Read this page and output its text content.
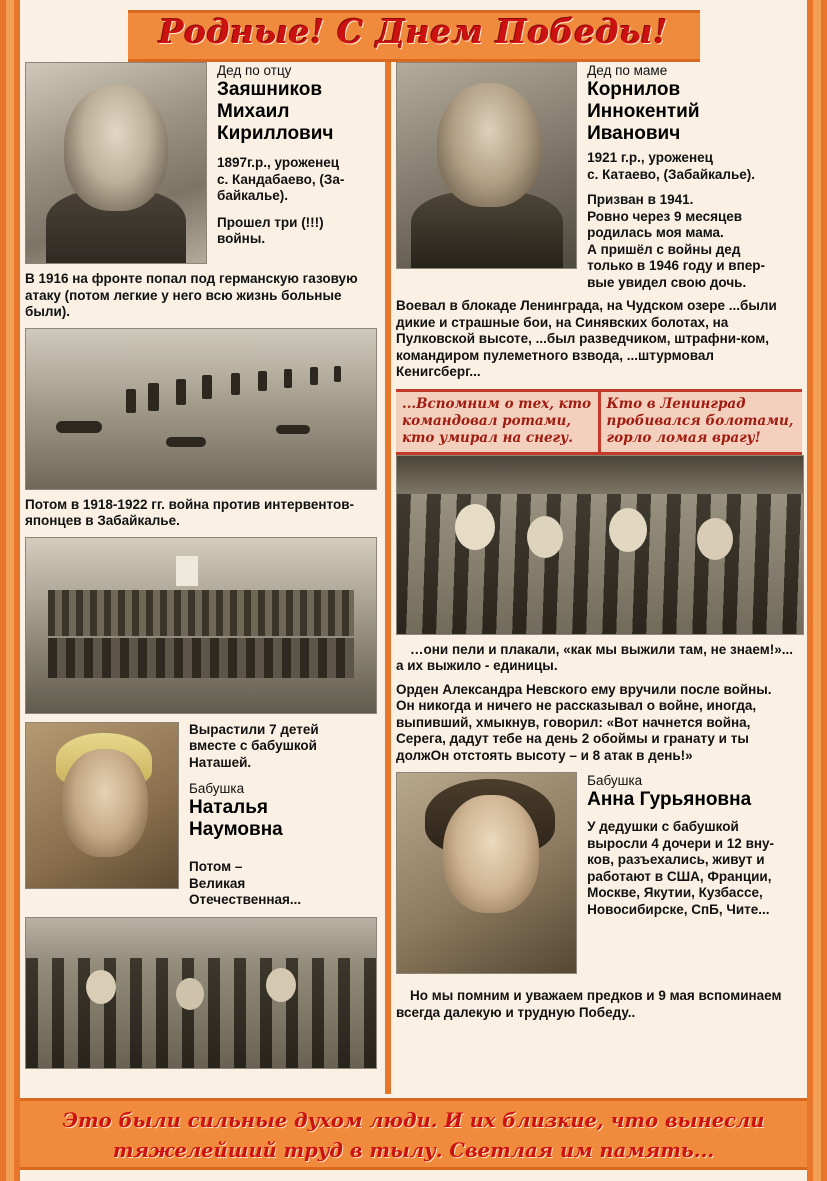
Родные! С Днем Победы!
Дед по отцу
Заяшников
Михаил
Кириллович
1897г.р., уроженец
с. Кандабаево, (За-
байкалье).
Прошел три (!!!)
войны.
В 1916 на фронте попал под германскую газовую атаку (потом легкие у него всю жизнь больные были).
Потом в 1918-1922 гг. война против интервентов-японцев в Забайкалье.
Вырастили 7 детей
вместе с бабушкой
Наташей.
Бабушка
Наталья
Наумовна
Потом –
Великая
Отечественная...
Дед по маме
Корнилов
Иннокентий
Иванович
1921 г.р., уроженец
с. Катаево, (Забайкалье).
Призван в 1941.
Ровно через 9 месяцев
родилась моя мама.
А пришёл с войны дед
только в 1946 году и впер-
вые увидел свою дочь.
Воевал в блокаде Ленинграда, на Чудском озере ...были дикие и страшные бои, на Синявских болотах, на Пулковской высоте, ...был разведчиком, штрафни-ком, командиром пулеметного взвода, ...штурмовал Кенигсберг...
...Вспомним о тех, кто командовал ротами, кто умирал на снегу.
Кто в Ленинград пробивался болотами, горло ломая врагу!
…они пели и плакали, «как мы выжили там, не знаем!»... а их выжило - единицы.
Орден Александра Невского ему вручили после войны.
Он никогда и ничего не рассказывал о войне, иногда, выпивший, хмыкнув, говорил: «Вот начнется война, Серега, дадут тебе на день 2 обоймы и гранату и ты должОн отстоять высоту – и 8 атак в день!»
Бабушка
Анна Гурьяновна
У дедушки с бабушкой
выросли 4 дочери и 12 вну-
ков, разъехались, живут и
работают в США, Франции,
Москве, Якутии, Кузбассе,
Новосибирске, СпБ, Чите...
Но мы помним и уважаем предков и 9 мая вспоминаем всегда далекую и трудную Победу..
Это были сильные духом люди. И их близкие, что вынесли
тяжелейший труд в тылу. Светлая им память...
